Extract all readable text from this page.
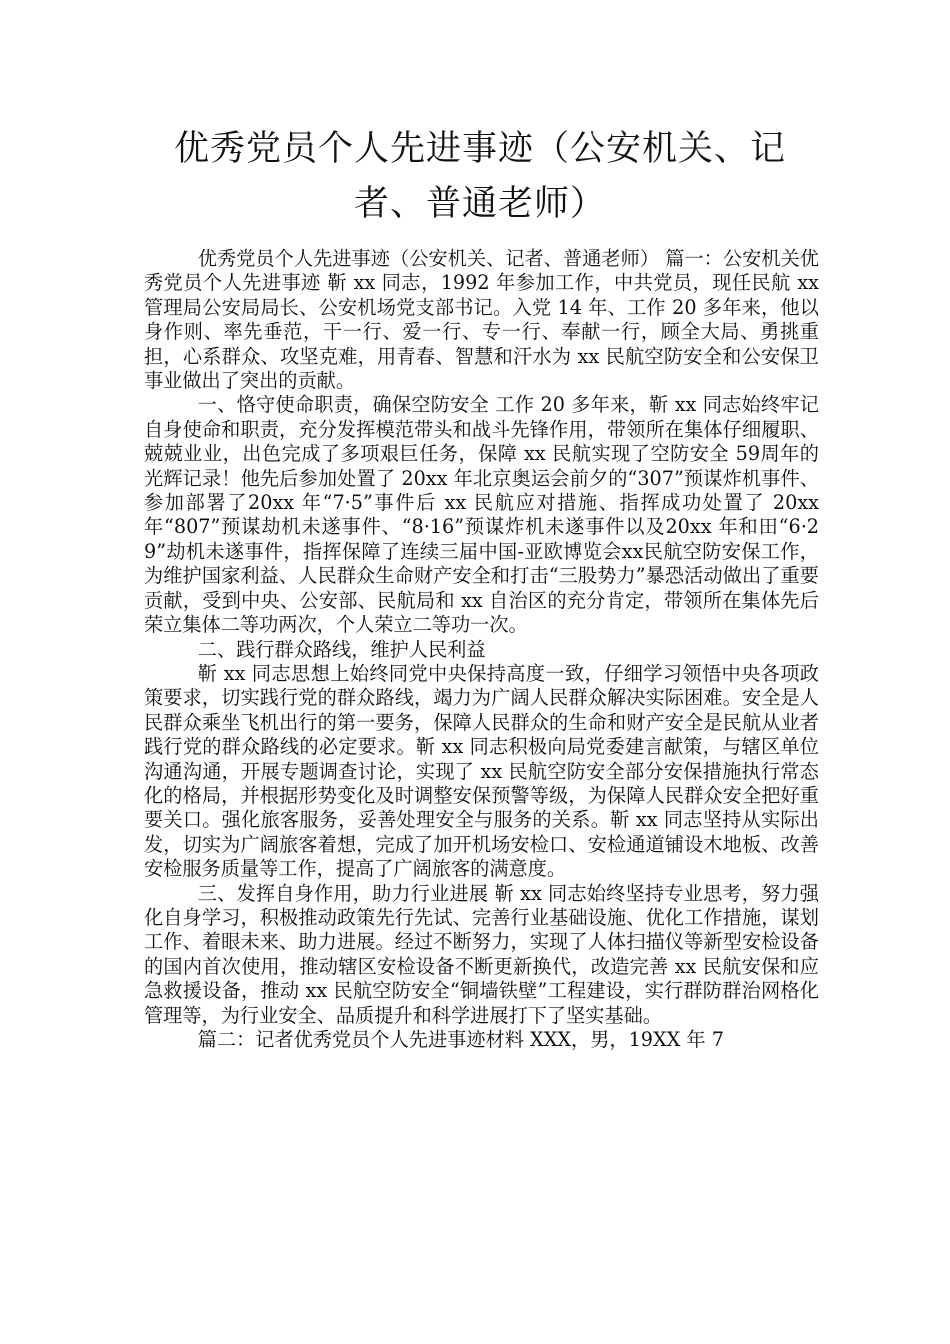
优秀党员个人先进事迹（公安机关、记者、普通老师）

优秀党员个人先进事迹（公安机关、记者、普通老师） 篇一：公安机关优秀党员个人先进事迹 靳 xx 同志，1992 年参加工作，中共党员，现任民航 xx 管理局公安局局长、公安机场党支部书记。入党 14 年、工作 20 多年来，他以身作则、率先垂范，干一行、爱一行、专一行、奉献一行，顾全大局、勇挑重担，心系群众、攻坚克难，用青春、智慧和汗水为 xx 民航空防安全和公安保卫事业做出了突出的贡献。

一、恪守使命职责，确保空防安全 工作 20 多年来，靳 xx 同志始终牢记自身使命和职责，充分发挥模范带头和战斗先锋作用，带领所在集体仔细履职、兢兢业业，出色完成了多项艰巨任务，保障 xx 民航实现了空防安全 59周年的光辉记录！他先后参加处置了 20xx 年北京奥运会前夕的“307”预谋炸机事件、参加部署了20xx 年“7·5”事件后 xx 民航应对措施、指挥成功处置了 20xx 年“807”预谋劫机未遂事件、“8·16”预谋炸机未遂事件以及20xx 年和田“6·29”劫机未遂事件，指挥保障了连续三届中国-亚欧博览会xx民航空防安保工作，为维护国家利益、人民群众生命财产安全和打击“三股势力”暴恐活动做出了重要贡献，受到中央、公安部、民航局和 xx 自治区的充分肯定，带领所在集体先后荣立集体二等功两次，个人荣立二等功一次。

二、践行群众路线，维护人民利益

靳 xx 同志思想上始终同党中央保持高度一致，仔细学习领悟中央各项政策要求，切实践行党的群众路线，竭力为广阔人民群众解决实际困难。安全是人民群众乘坐飞机出行的第一要务，保障人民群众的生命和财产安全是民航从业者践行党的群众路线的必定要求。靳 xx 同志积极向局党委建言献策，与辖区单位沟通沟通，开展专题调查讨论，实现了 xx 民航空防安全部分安保措施执行常态化的格局，并根据形势变化及时调整安保预警等级，为保障人民群众安全把好重要关口。强化旅客服务，妥善处理安全与服务的关系。靳 xx 同志坚持从实际出发，切实为广阔旅客着想，完成了加开机场安检口、安检通道铺设木地板、改善安检服务质量等工作，提高了广阔旅客的满意度。

三、发挥自身作用，助力行业进展 靳 xx 同志始终坚持专业思考，努力强化自身学习，积极推动政策先行先试、完善行业基础设施、优化工作措施，谋划工作、着眼未来、助力进展。经过不断努力，实现了人体扫描仪等新型安检设备的国内首次使用，推动辖区安检设备不断更新换代，改造完善 xx 民航安保和应急救援设备，推动 xx 民航空防安全“铜墙铁壁”工程建设，实行群防群治网格化管理等，为行业安全、品质提升和科学进展打下了坚实基础。

篇二：记者优秀党员个人先进事迹材料 XXX，男，19XX 年 7
